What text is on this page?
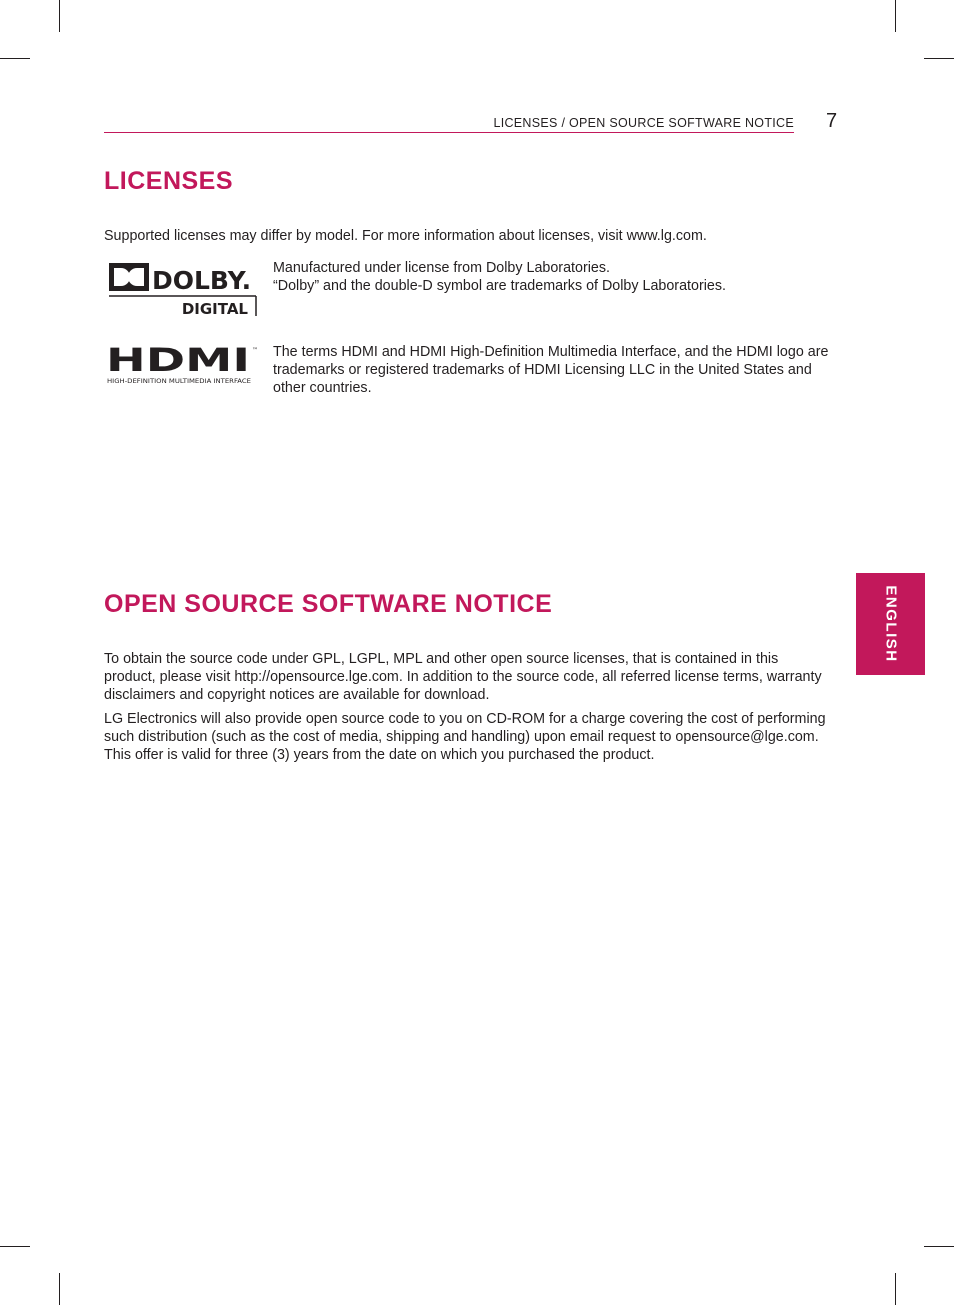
LICENSES / OPEN SOURCE SOFTWARE NOTICE 7
LICENSES

Supported licenses may differ by model. For more information about licenses, visit www.lg.com.

DOLBY.
DIGITAL

Manufactured under license from Dolby Laboratories.

“Dolby” and the double-D symbol are trademarks of Dolby Laboratories.

HDMI ™
HIGH-DEFINITION MULTIMEDIA INTERFACE

The terms HDMI and HDMI High-Definition Multimedia Interface, and the HDMI logo are trademarks or registered trademarks of HDMI Licensing LLC in the United States and other countries.

OPEN SOURCE SOFTWARE NOTICE

To obtain the source code under GPL, LGPL, MPL and other open source licenses, that is contained in this product, please visit http://opensource.lge.com. In addition to the source code, all referred license terms, warranty disclaimers and copyright notices are available for download.

LG Electronics will also provide open source code to you on CD-ROM for a charge covering the cost of performing such distribution (such as the cost of media, shipping and handling) upon email request to opensource@lge.com. This offer is valid for three (3) years from the date on which you purchased the product.

ENGLISH
